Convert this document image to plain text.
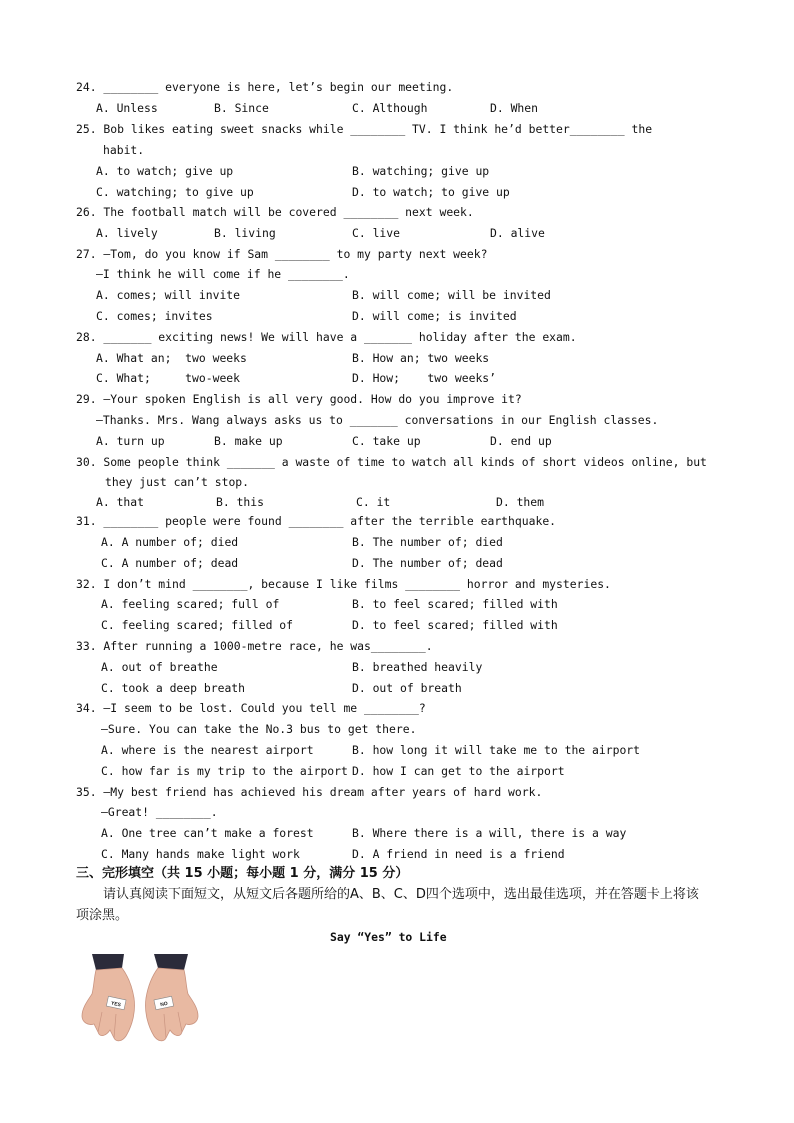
24. ________ everyone is here, let’s begin our meeting.
A. Unless	B. Since	C. Although	D. When
25. Bob likes eating sweet snacks while ________ TV. I think he’d better________ the
habit.
A. to watch; give up	B. watching; give up
C. watching; to give up	D. to watch; to give up
26. The football match will be covered ________ next week.
A. lively	B. living	C. live	D. alive
27. —Tom, do you know if Sam ________ to my party next week?
—I think he will come if he ________.
A. comes; will invite	B. will come; will be invited
C. comes; invites	D. will come; is invited
28. _______ exciting news! We will have a _______ holiday after the exam.
A. What an;  two weeks	B. How an; two weeks
C. What;     two-week	D. How;    two weeks’
29. —Your spoken English is all very good. How do you improve it?
—Thanks. Mrs. Wang always asks us to _______ conversations in our English classes.
A. turn up	B. make up	C. take up	D. end up
30. Some people think _______ a waste of time to watch all kinds of short videos online, but
they just can’t stop.
A. that	B. this	C. it	D. them
31. ________ people were found ________ after the terrible earthquake.
A. A number of; died	B. The number of; died
C. A number of; dead	D. The number of; dead
32. I don’t mind ________, because I like films ________ horror and mysteries.
A. feeling scared; full of	B. to feel scared; filled with
C. feeling scared; filled of	D. to feel scared; filled with
33. After running a 1000-metre race, he was________.
A. out of breathe	B. breathed heavily
C. took a deep breath	D. out of breath
34. —I seem to be lost. Could you tell me ________?
—Sure. You can take the No.3 bus to get there.
A. where is the nearest airport	B. how long it will take me to the airport
C. how far is my trip to the airport D. how I can get to the airport
35. —My best friend has achieved his dream after years of hard work.
—Great! ________.
A. One tree can’t make a forest	B. Where there is a will, there is a way
C. Many hands make light work	D. A friend in need is a friend
三、完形填空（共 15 小题；每小题 1 分，满分 15 分）
请认真阅读下面短文，从短文后各题所给的A、B、C、D四个选项中，选出最佳选项，并在答题卡上将该
项涂黑。
Say “Yes” to Life
YES	NO
